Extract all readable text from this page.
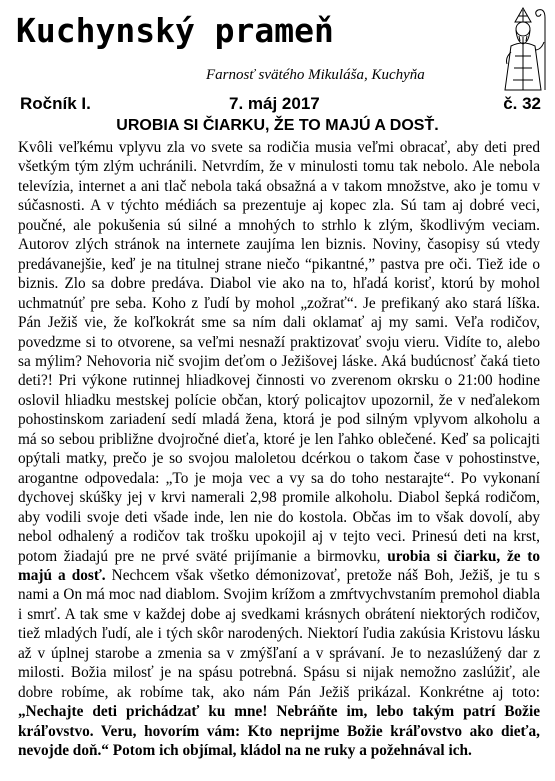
Kuchynský prameň
Farnosť svätého Mikuláša, Kuchyňa
Ročník I.	7. máj 2017	č. 32
UROBIA SI ČIARKU, ŽE TO MAJÚ A DOSŤ.

Kvôli veľkému vplyvu zla vo svete sa rodičia musia veľmi obracať, aby deti pred všetkým tým zlým uchránili. Netvrdím, že v minulosti tomu tak nebolo. Ale nebola televízia, internet a ani tlač nebola taká obsažná a v takom množstve, ako je tomu v súčasnosti. A v týchto médiách sa prezentuje aj kopec zla. Sú tam aj dobré veci, poučné, ale pokušenia sú silné a mnohých to strhlo k zlým, škodlivým veciam. Autorov zlých stránok na internete zaujíma len biznis. Noviny, časopisy sú vtedy predávanejšie, keď je na titulnej strane niečo “pikantné,” pastva pre oči. Tiež ide o biznis. Zlo sa dobre predáva. Diabol vie ako na to, hľadá korisť, ktorú by mohol uchmatnúť pre seba. Koho z ľudí by mohol „zožrať“. Je prefikaný ako stará líška. Pán Ježiš vie, že koľkokrát sme sa ním dali oklamať aj my sami. Veľa rodičov, povedzme si to otvorene, sa veľmi nesnaží praktizovať svoju vieru. Vidíte to, alebo sa mýlim? Nehovoria nič svojim deťom o Ježišovej láske. Aká budúcnosť čaká tieto deti?! Pri výkone rutinnej hliadkovej činnosti vo zverenom okrsku o 21:00 hodine oslovil hliadku mestskej polície občan, ktorý policajtov upozornil, že v neďalekom pohostinskom zariadení sedí mladá žena, ktorá je pod silným vplyvom alkoholu a má so sebou približne dvojročné dieťa, ktoré je len ľahko oblečené. Keď sa policajti opýtali matky, prečo je so svojou maloletou dcérkou o takom čase v pohostinstve, arogantne odpovedala: „To je moja vec a vy sa do toho nestarajte“. Po vykonaní dychovej skúšky jej v krvi namerali 2,98 promile alkoholu. Diabol šepká rodičom, aby vodili svoje deti všade inde, len nie do kostola. Občas im to však dovolí, aby nebol odhalený a rodičov tak trošku upokojil aj v tejto veci. Prinesú deti na krst, potom žiadajú pre ne prvé sväté prijímanie a birmovku, urobia si čiarku, že to majú a dosť. Nechcem však všetko démonizovať, pretože náš Boh, Ježiš, je tu s nami a On má moc nad diablom. Svojim krížom a zmŕtvychvstaním premohol diabla i smrť. A tak sme v každej dobe aj svedkami krásnych obrátení niektorých rodičov, tiež mladých ľudí, ale i tých skôr narodených. Niektorí ľudia zakúsia Kristovu lásku až v úplnej starobe a zmenia sa v zmýšľaní a v správaní. Je to nezaslúžený dar z milosti. Božia milosť je na spásu potrebná. Spásu si nijak nemožno zaslúžiť, ale dobre robíme, ak robíme tak, ako nám Pán Ježiš prikázal. Konkrétne aj toto: „Nechajte deti prichádzať ku mne! Nebráňte im, lebo takým patrí Božie kráľovstvo. Veru, hovorím vám: Kto neprijme Božie kráľovstvo ako dieťa, nevojde doň.“ Potom ich objímal, kládol na ne ruky a požehnával ich.
